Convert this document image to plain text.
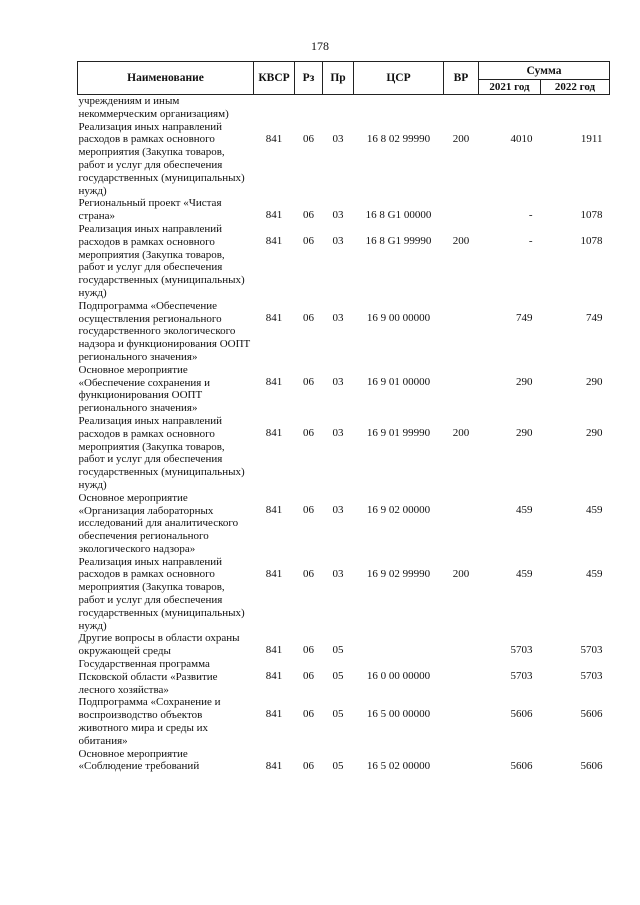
178
Наименование	КВСР	Рз	Пр	ЦСР	ВР	Сумма	
						2021 год	2022 год
учреждениям и иным некоммерческим организациям)							
Реализация иных направлений расходов в рамках основного мероприятия (Закупка товаров, работ и услуг для обеспечения государственных (муниципальных) нужд)	841	06	03	16 8 02 99990	200	4010	1911
Региональный проект «Чистая страна»	841	06	03	16 8 G1 00000		-	1078
Реализация иных направлений расходов в рамках основного мероприятия (Закупка товаров, работ и услуг для обеспечения государственных (муниципальных) нужд)	841	06	03	16 8 G1 99990	200	-	1078
Подпрограмма «Обеспечение осуществления регионального государственного экологического надзора и функционирования ООПТ регионального значения»	841	06	03	16 9 00 00000		749	749
Основное мероприятие «Обеспечение сохранения и функционирования ООПТ регионального значения»	841	06	03	16 9 01 00000		290	290
Реализация иных направлений расходов в рамках основного мероприятия (Закупка товаров, работ и услуг для обеспечения государственных (муниципальных) нужд)	841	06	03	16 9 01 99990	200	290	290
Основное мероприятие «Организация лабораторных исследований для аналитического обеспечения регионального экологического надзора»	841	06	03	16 9 02 00000		459	459
Реализация иных направлений расходов в рамках основного мероприятия (Закупка товаров, работ и услуг для обеспечения государственных (муниципальных) нужд)	841	06	03	16 9 02 99990	200	459	459
Другие вопросы в области охраны окружающей среды	841	06	05			5703	5703
Государственная программа Псковской области «Развитие лесного хозяйства»	841	06	05	16 0 00 00000		5703	5703
Подпрограмма «Сохранение и воспроизводство объектов животного мира и среды их обитания»	841	06	05	16 5 00 00000		5606	5606
Основное мероприятие «Соблюдение требований	841	06	05	16 5 02 00000		5606	5606
